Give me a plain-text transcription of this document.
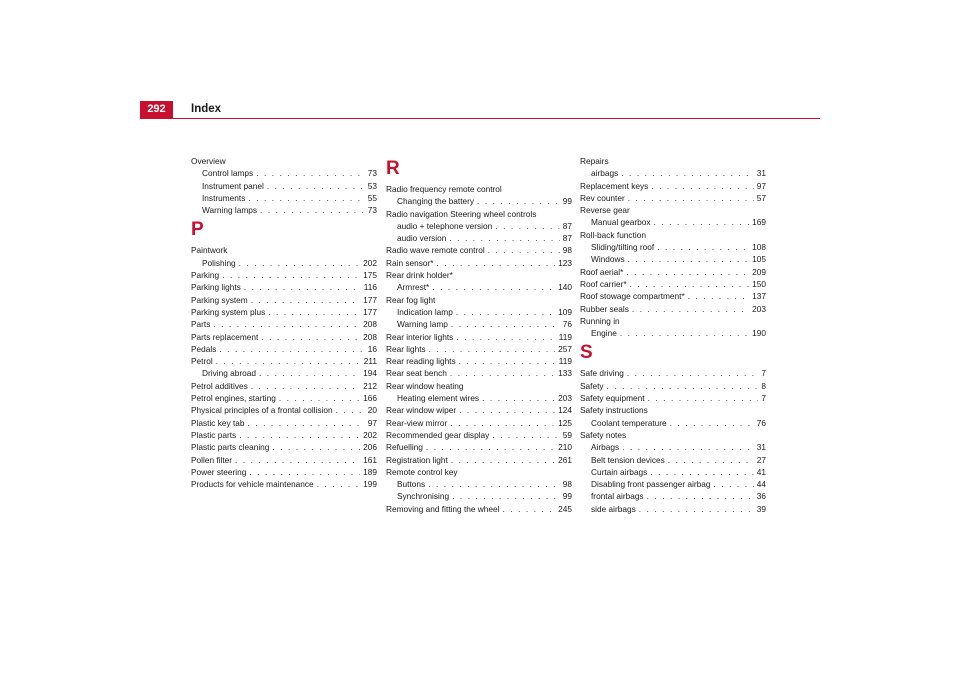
292	Index
Overview
Control lamps . . .	73
Instrument panel . . .	53
Instruments . . .	55
Warning lamps . . .	73
P
Paintwork
Polishing . . .	202
Parking . . .	175
Parking lights . . .	116
Parking system . . .	177
Parking system plus . . .	177
Parts . . .	208
Parts replacement . . .	208
Pedals . . .	16
Petrol . . .	211
Driving abroad . . .	194
Petrol additives . . .	212
Petrol engines, starting . . .	166
Physical principles of a frontal collision . . .	20
Plastic key tab . . .	97
Plastic parts . . .	202
Plastic parts cleaning . . .	206
Pollen filter . . .	161
Power steering . . .	189
Products for vehicle maintenance . . .	199
R
Radio frequency remote control
Changing the battery . . .	99
Radio navigation Steering wheel controls
audio + telephone version . . .	87
audio version . . .	87
Radio wave remote control . . .	98
Rain sensor* . . .	123
Rear drink holder*
Armrest* . . .	140
Rear fog light
Indication lamp . . .	109
Warning lamp . . .	76
Rear interior lights . . .	119
Rear lights . . .	257
Rear reading lights . . .	119
Rear seat bench . . .	133
Rear window heating
Heating element wires . . .	203
Rear window wiper . . .	124
Rear-view mirror . . .	125
Recommended gear display . . .	59
Refuelling . . .	210
Registration light . . .	261
Remote control key
Buttons . . .	98
Synchronising . . .	99
Removing and fitting the wheel . . .	245
Repairs
airbags . . .	31
Replacement keys . . .	97
Rev counter . . .	57
Reverse gear
Manual gearbox . . .	169
Roll-back function
Sliding/tilting roof . . .	108
Windows . . .	105
Roof aerial* . . .	209
Roof carrier* . . .	150
Roof stowage compartment* . . .	137
Rubber seals . . .	203
Running in
Engine . . .	190
S
Safe driving . . .	7
Safety . . .	8
Safety equipment . . .	7
Safety instructions
Coolant temperature . . .	76
Safety notes
Airbags . . .	31
Belt tension devices . . .	27
Curtain airbags . . .	41
Disabling front passenger airbag . . .	44
frontal airbags . . .	36
side airbags . . .	39
